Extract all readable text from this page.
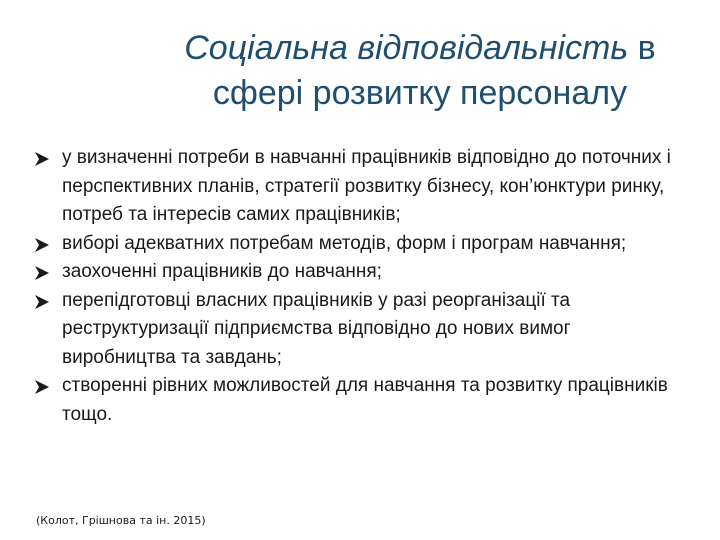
Соціальна відповідальність в
сфері розвитку персоналу
у визначенні потреби в навчанні працівників відповідно до поточних і перспективних планів, стратегії розвитку бізнесу, кон’юнктури ринку, потреб та інтересів самих працівників;
виборі адекватних потребам методів, форм і програм навчання;
заохоченні працівників до навчання;
перепідготовці власних працівників у разі реорганізації та реструктуризації підприємства відповідно до нових вимог виробництва та завдань;
створенні рівних можливостей для навчання та розвитку працівників тощо.
(Колот, Грішнова та ін. 2015)
